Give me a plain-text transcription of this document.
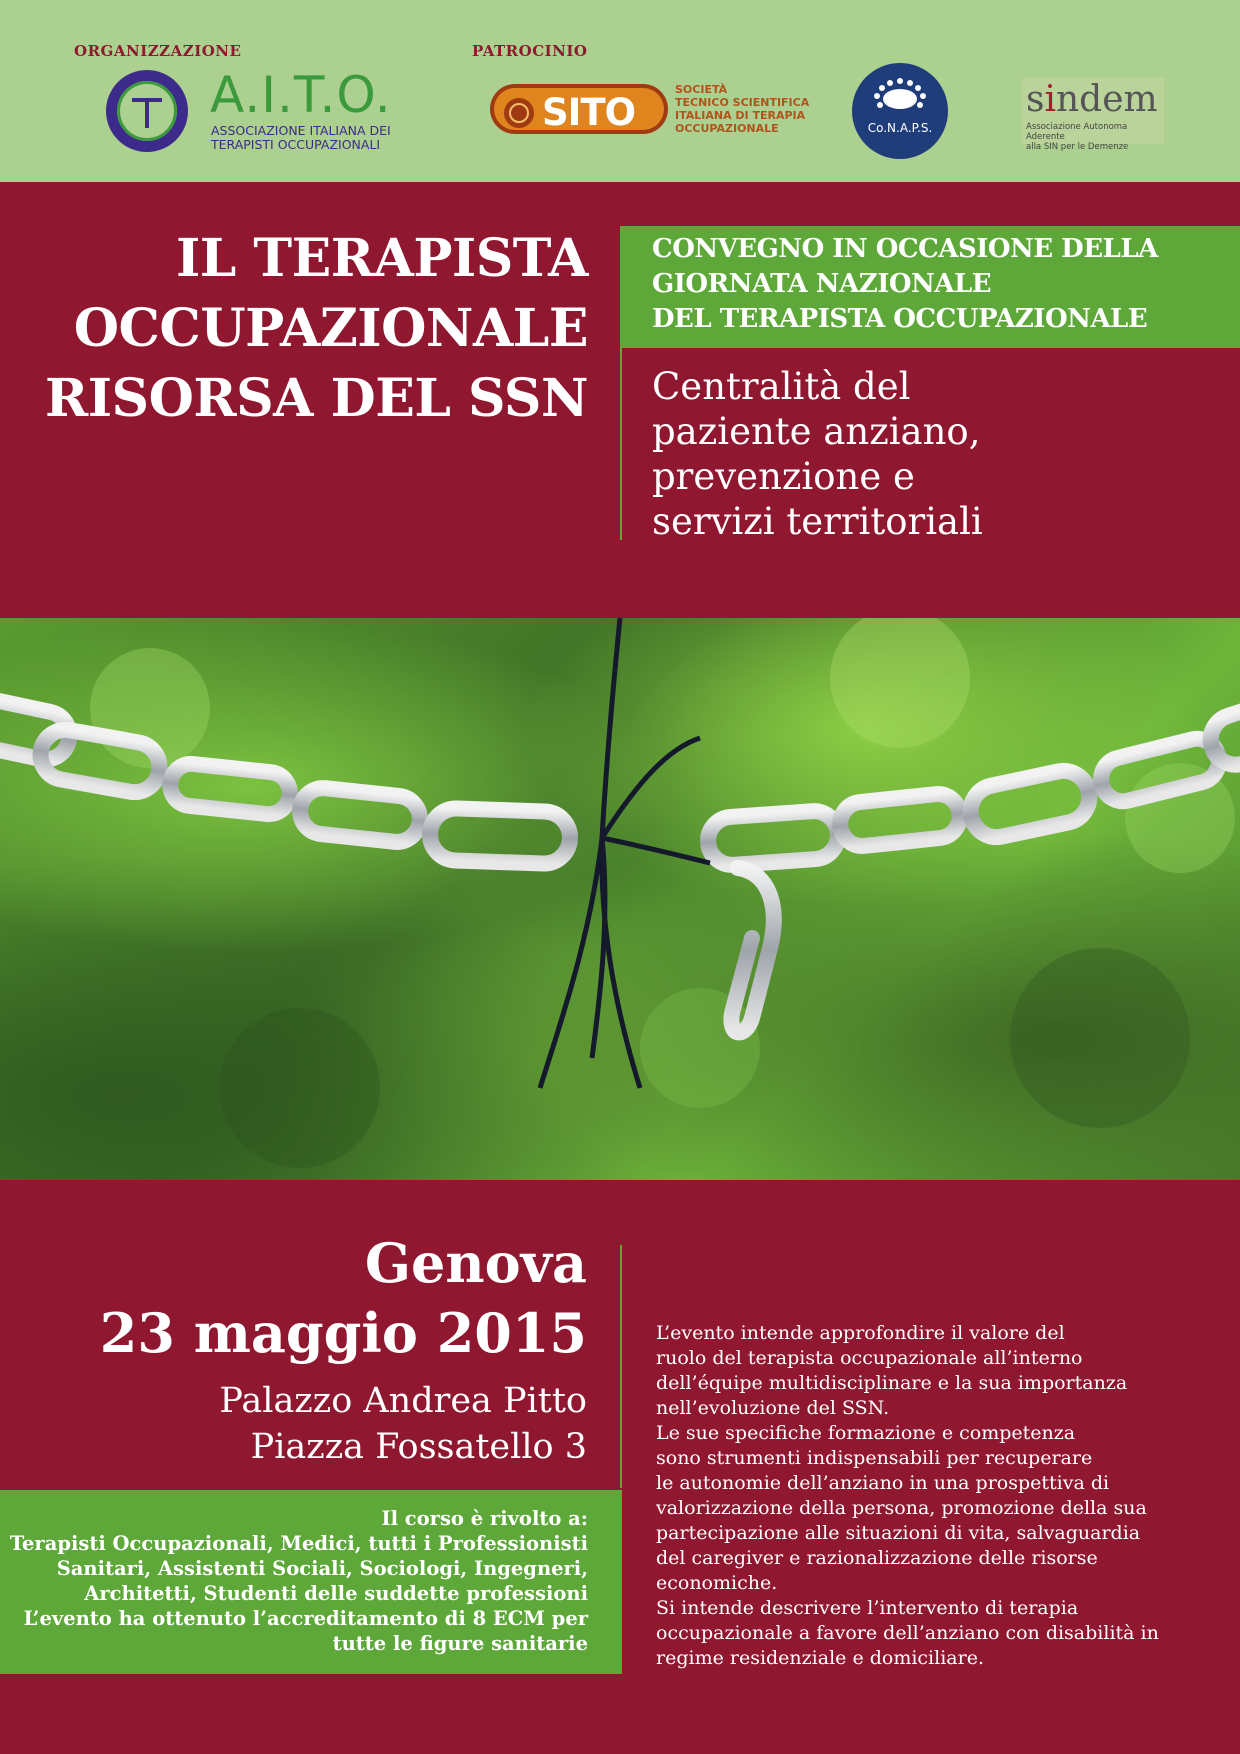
ORGANIZZAZIONE	PATROCINIO
A.I.T.O.
ASSOCIAZIONE ITALIANA DEI
TERAPISTI OCCUPAZIONALI
SITO
SOCIETÀ
TECNICO SCIENTIFICA
ITALIANA DI TERAPIA
OCCUPAZIONALE	Co.N.A.P.S.
sindem
Associazione Autonoma Aderente
alla SIN per le Demenze
IL TERAPISTA
OCCUPAZIONALE
RISORSA DEL SSN
CONVEGNO IN OCCASIONE DELLA
GIORNATA NAZIONALE
DEL TERAPISTA OCCUPAZIONALE
Centralità del
paziente anziano,
prevenzione e
servizi territoriali
Genova
23 maggio 2015
Palazzo Andrea Pitto
Piazza Fossatello 3
Il corso è rivolto a:
Terapisti Occupazionali, Medici, tutti i Professionisti
Sanitari, Assistenti Sociali, Sociologi, Ingegneri,
Architetti, Studenti delle suddette professioni
L’evento ha ottenuto l’accreditamento di 8 ECM per
tutte le figure sanitarie
L’evento intende approfondire il valore del
ruolo del terapista occupazionale all’interno
dell’équipe multidisciplinare e la sua importanza
nell’evoluzione del SSN.
Le sue specifiche formazione e competenza
sono strumenti indispensabili per recuperare
le autonomie dell’anziano in una prospettiva di
valorizzazione della persona, promozione della sua
partecipazione alle situazioni di vita, salvaguardia
del caregiver e razionalizzazione delle risorse
economiche.
Si intende descrivere l’intervento di terapia
occupazionale a favore dell’anziano con disabilità in
regime residenziale e domiciliare.
